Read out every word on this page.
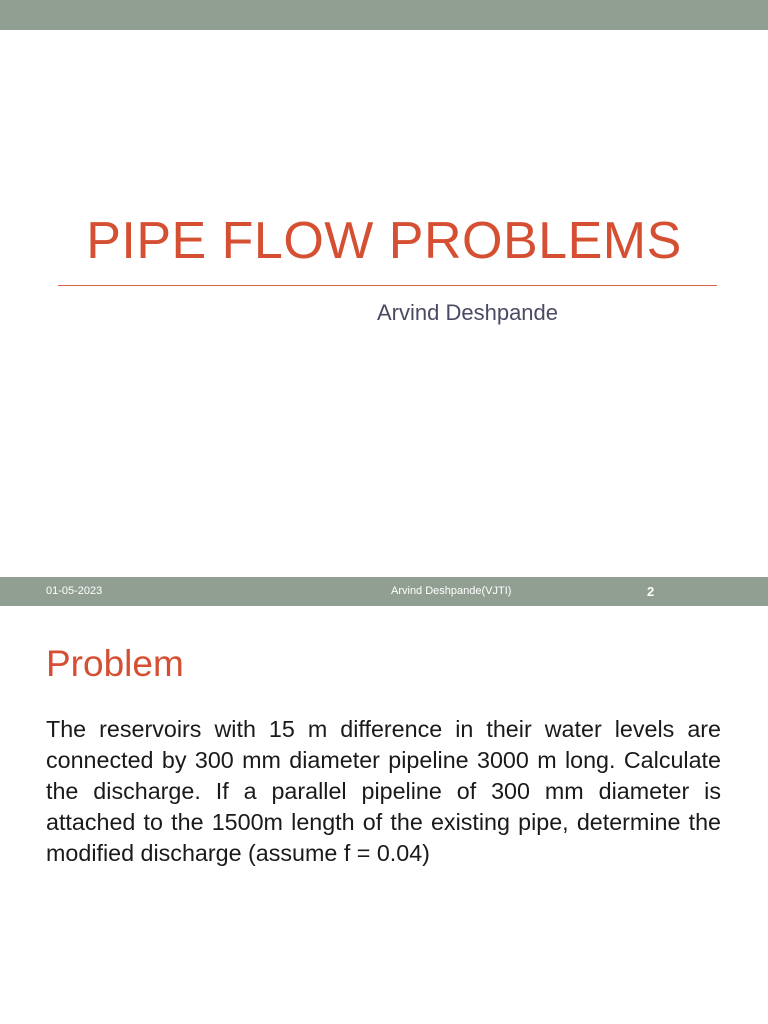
PIPE FLOW PROBLEMS
Arvind Deshpande
01-05-2023	Arvind Deshpande(VJTI)	2
Problem

The reservoirs with 15 m difference in their water levels are connected by 300 mm diameter pipeline 3000 m long. Calculate the discharge. If a parallel pipeline of 300 mm diameter is attached to the 1500m length of the existing pipe, determine the modified discharge (assume f = 0.04)
